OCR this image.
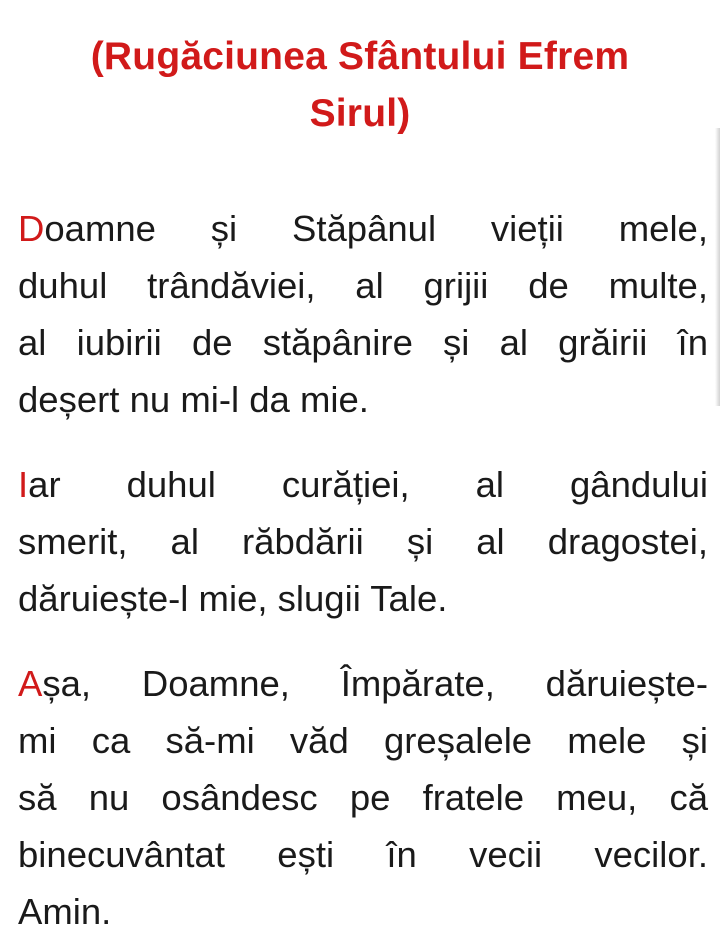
(Rugăciunea Sfântului Efrem
Sirul)
Doamne și Stăpânul vieții mele,
duhul trândăviei, al grijii de multe,
al iubirii de stăpânire și al grăirii în
deșert nu mi-l da mie.
Iar duhul curăției, al gândului
smerit, al răbdării și al dragostei,
dăruiește-l mie, slugii Tale.
Așa, Doamne, Împărate, dăruiește-
mi ca să-mi văd greșalele mele și
să nu osândesc pe fratele meu, că
binecuvântat ești în vecii vecilor.
Amin.
